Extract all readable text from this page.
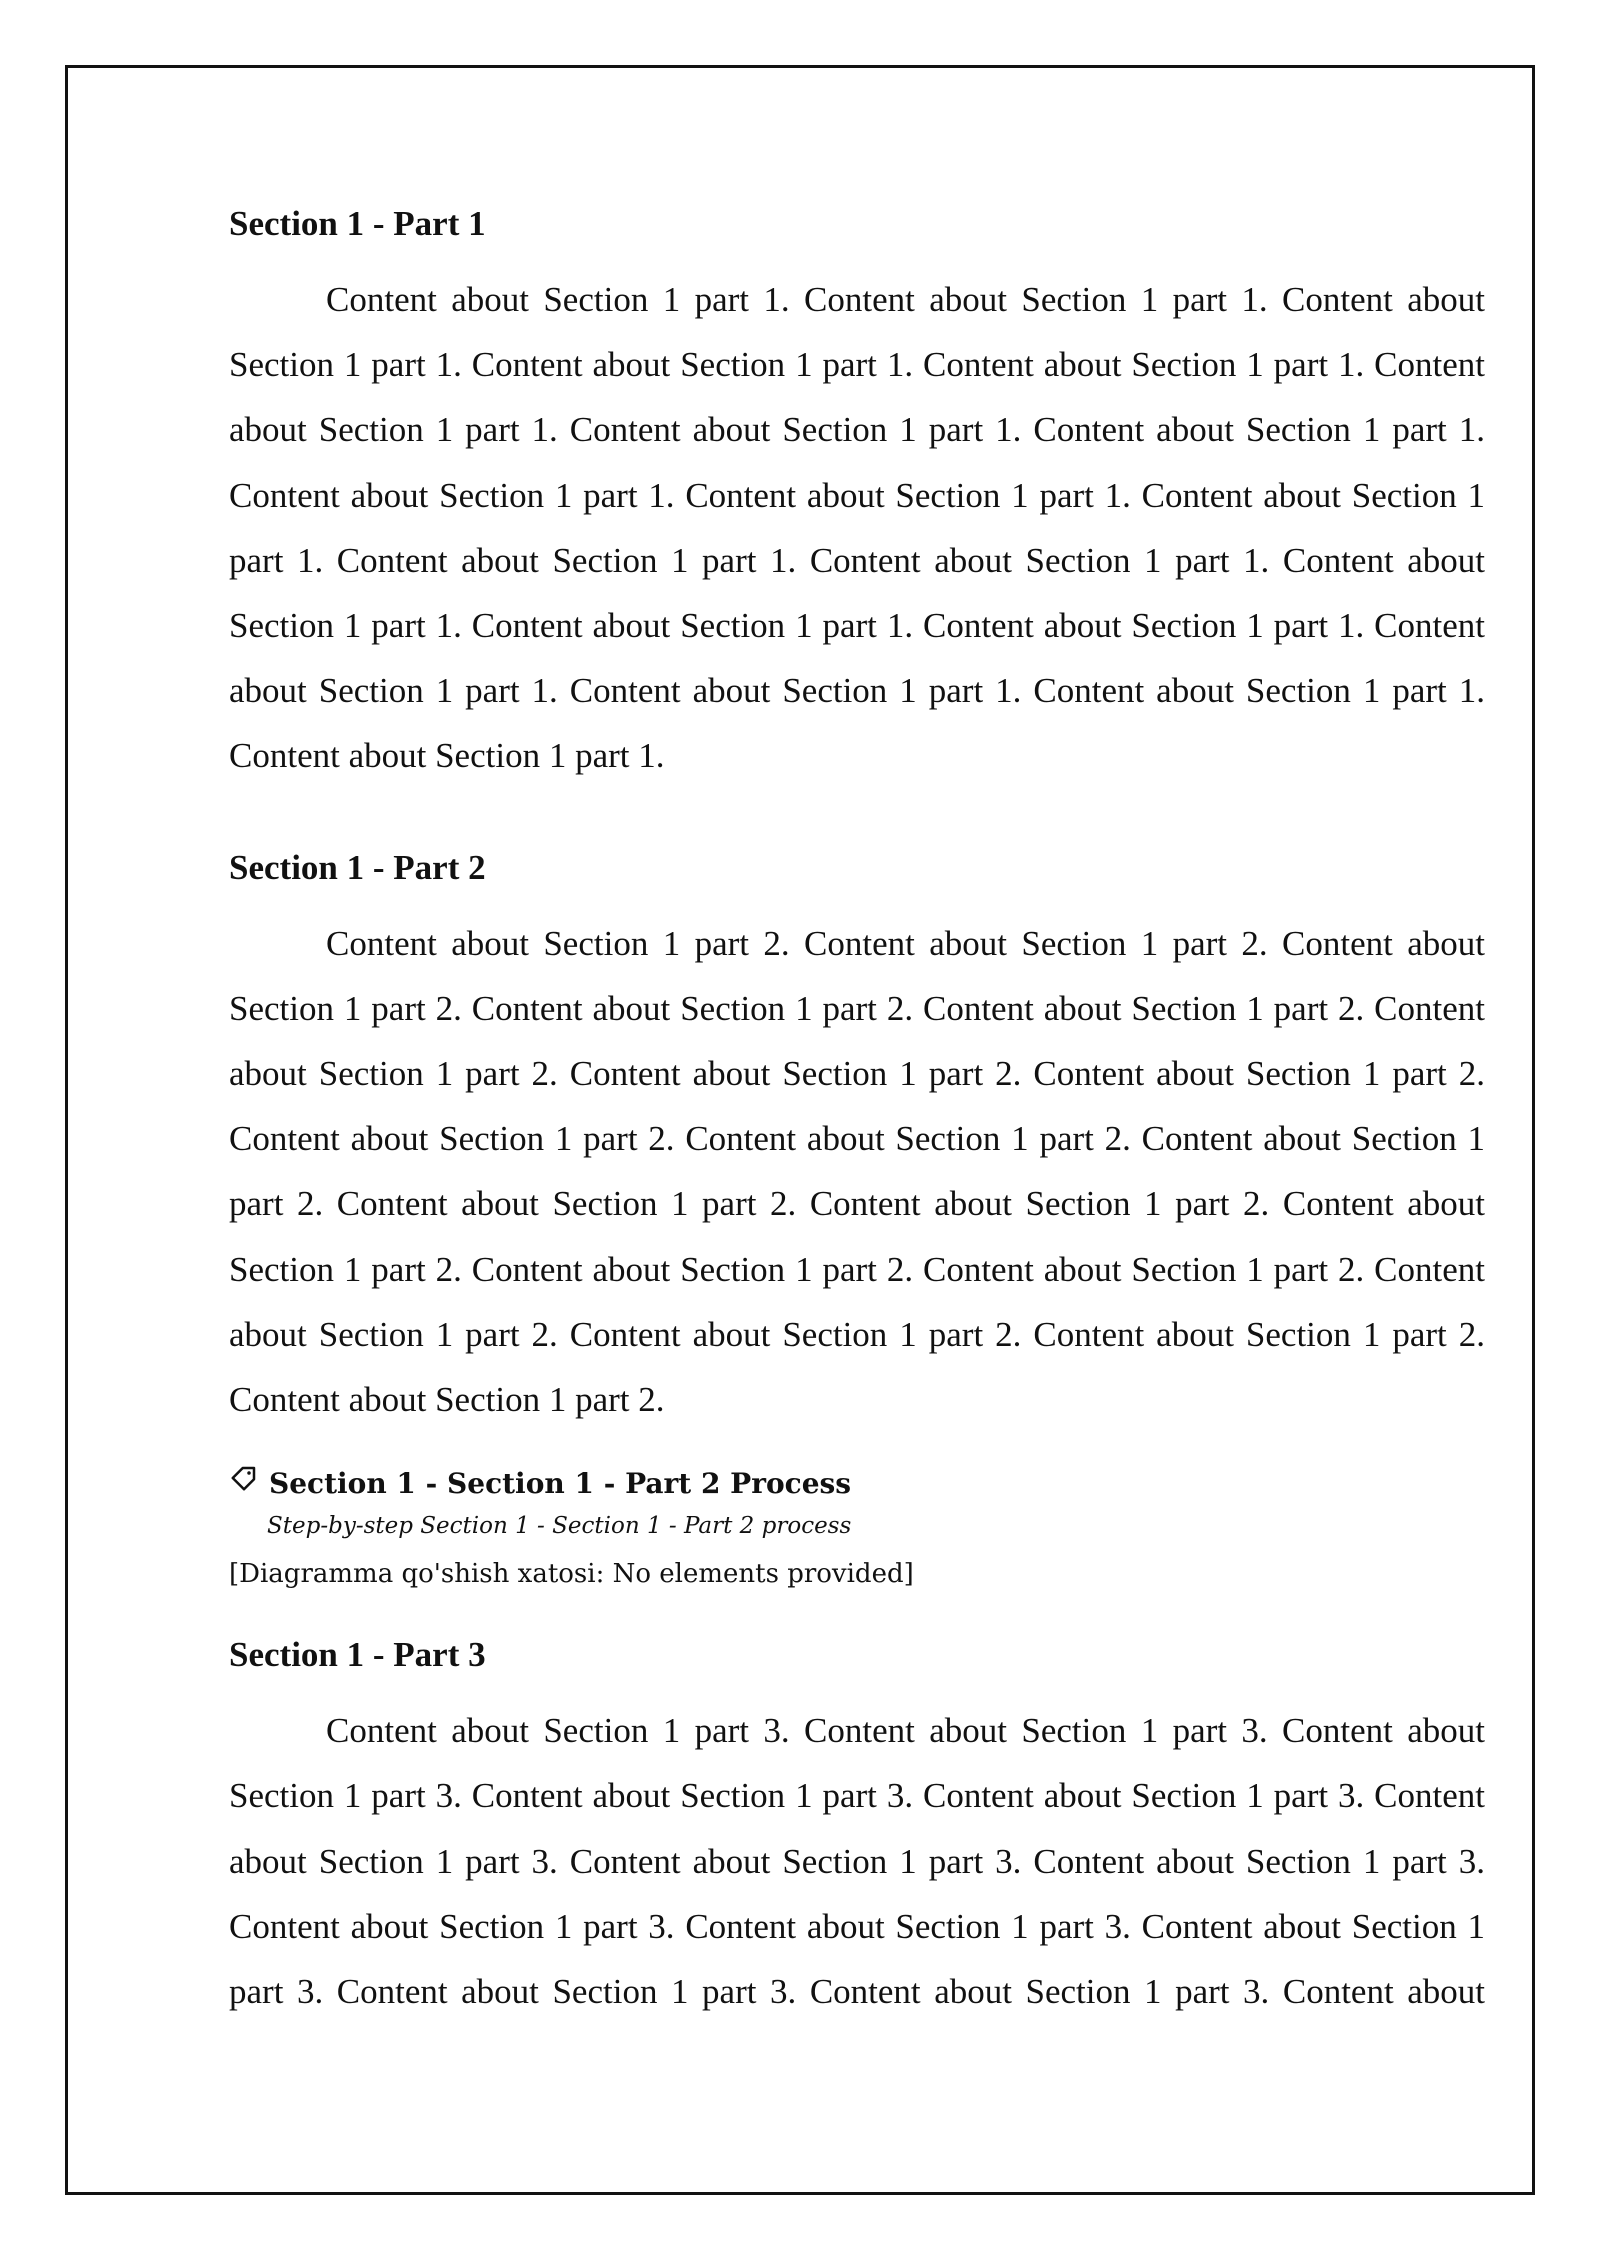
Section 1 - Part 1

Content about Section 1 part 1. Content about Section 1 part 1. Content about Section 1 part 1. Content about Section 1 part 1. Content about Section 1 part 1. Content about Section 1 part 1. Content about Section 1 part 1. Content about Section 1 part 1. Content about Section 1 part 1. Content about Section 1 part 1. Content about Section 1 part 1. Content about Section 1 part 1. Content about Section 1 part 1. Content about Section 1 part 1. Content about Section 1 part 1. Content about Section 1 part 1. Content about Section 1 part 1. Content about Section 1 part 1. Content about Section 1 part 1. Content about Section 1 part 1.

Section 1 - Part 2

Content about Section 1 part 2. Content about Section 1 part 2. Content about Section 1 part 2. Content about Section 1 part 2. Content about Section 1 part 2. Content about Section 1 part 2. Content about Section 1 part 2. Content about Section 1 part 2. Content about Section 1 part 2. Content about Section 1 part 2. Content about Section 1 part 2. Content about Section 1 part 2. Content about Section 1 part 2. Content about Section 1 part 2. Content about Section 1 part 2. Content about Section 1 part 2. Content about Section 1 part 2. Content about Section 1 part 2. Content about Section 1 part 2. Content about Section 1 part 2.

Section 1 - Section 1 - Part 2 Process
Step-by-step Section 1 - Section 1 - Part 2 process
[Diagramma qo'shish xatosi: No elements provided]
Section 1 - Part 3

Content about Section 1 part 3. Content about Section 1 part 3. Content about Section 1 part 3. Content about Section 1 part 3. Content about Section 1 part 3. Content about Section 1 part 3. Content about Section 1 part 3. Content about Section 1 part 3. Content about Section 1 part 3. Content about Section 1 part 3. Content about Section 1 part 3. Content about Section 1 part 3. Content about Section 1 part 3. Content about
